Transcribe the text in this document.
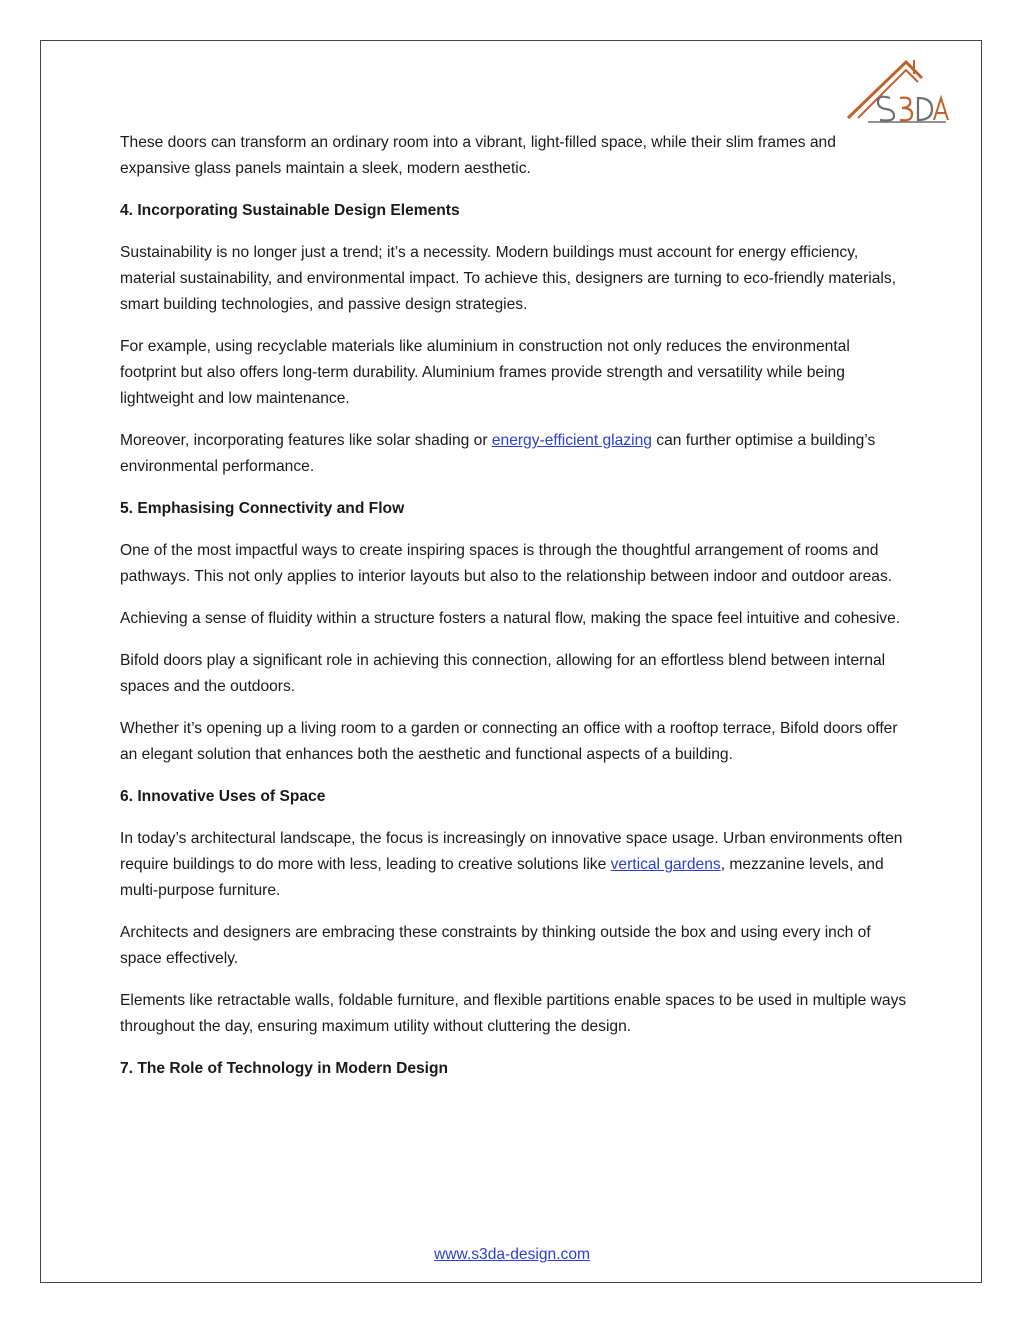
These doors can transform an ordinary room into a vibrant, light-filled space, while their slim frames and expansive glass panels maintain a sleek, modern aesthetic.

4. Incorporating Sustainable Design Elements

Sustainability is no longer just a trend; it’s a necessity. Modern buildings must account for energy efficiency, material sustainability, and environmental impact. To achieve this, designers are turning to eco-friendly materials, smart building technologies, and passive design strategies.

For example, using recyclable materials like aluminium in construction not only reduces the environmental footprint but also offers long-term durability. Aluminium frames provide strength and versatility while being lightweight and low maintenance.

Moreover, incorporating features like solar shading or energy-efficient glazing can further optimise a building’s environmental performance.

5. Emphasising Connectivity and Flow

One of the most impactful ways to create inspiring spaces is through the thoughtful arrangement of rooms and pathways. This not only applies to interior layouts but also to the relationship between indoor and outdoor areas.

Achieving a sense of fluidity within a structure fosters a natural flow, making the space feel intuitive and cohesive.

Bifold doors play a significant role in achieving this connection, allowing for an effortless blend between internal spaces and the outdoors.

Whether it’s opening up a living room to a garden or connecting an office with a rooftop terrace, Bifold doors offer an elegant solution that enhances both the aesthetic and functional aspects of a building.

6. Innovative Uses of Space

In today’s architectural landscape, the focus is increasingly on innovative space usage. Urban environments often require buildings to do more with less, leading to creative solutions like vertical gardens, mezzanine levels, and multi-purpose furniture.

Architects and designers are embracing these constraints by thinking outside the box and using every inch of space effectively.

Elements like retractable walls, foldable furniture, and flexible partitions enable spaces to be used in multiple ways throughout the day, ensuring maximum utility without cluttering the design.

7. The Role of Technology in Modern Design
www.s3da-design.com
